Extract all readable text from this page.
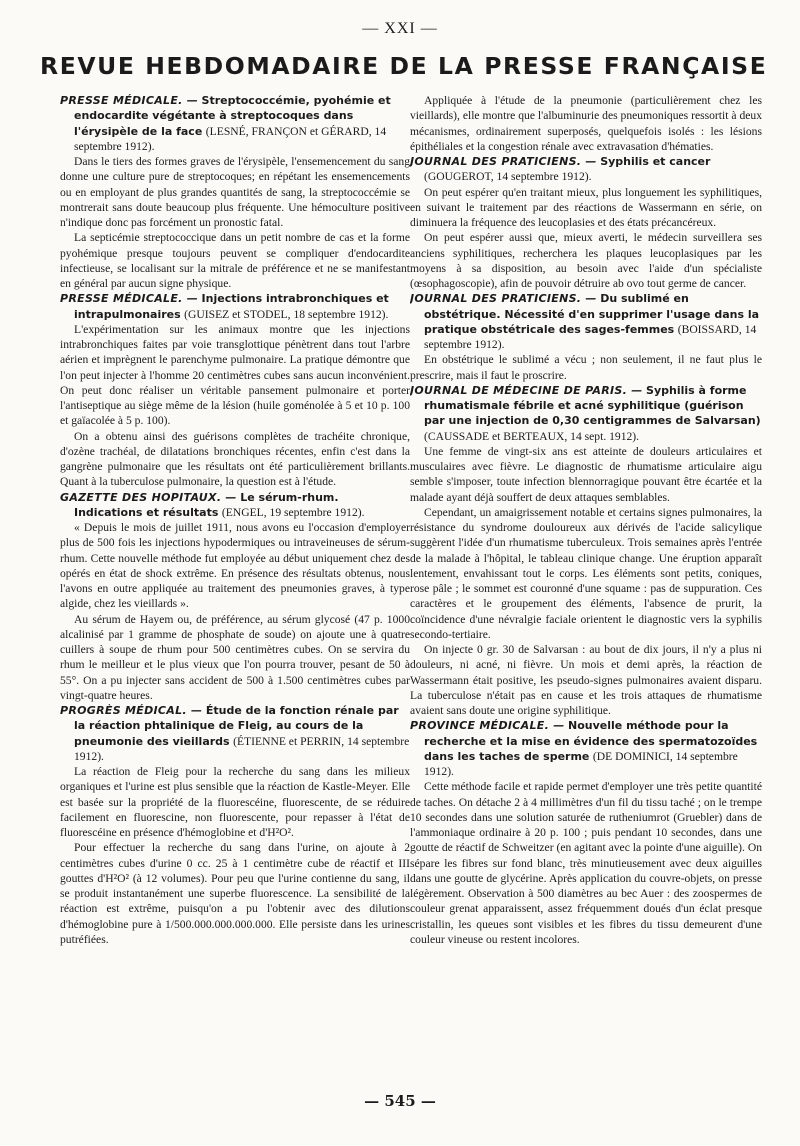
— XXI —
REVUE HEBDOMADAIRE DE LA PRESSE FRANÇAISE
PRESSE MÉDICALE. — Streptococcémie, pyohémie et endocardite végétante à streptocoques dans l'érysipèle de la face (LESNÉ, FRANÇON et GÉRARD, 14 septembre 1912).

Dans le tiers des formes graves de l'érysipèle, l'ensemencement du sang donne une culture pure de streptocoques; en répétant les ensemencements ou en employant de plus grandes quantités de sang, la streptococcémie se montrerait sans doute beaucoup plus fréquente. Une hémoculture positive n'indique donc pas forcément un pronostic fatal.

La septicémie streptococcique dans un petit nombre de cas et la forme pyohémique presque toujours peuvent se compliquer d'endocardite infectieuse, se localisant sur la mitrale de préférence et ne se manifestant en général par aucun signe physique.

PRESSE MÉDICALE. — Injections intrabronchiques et intrapulmonaires (GUISEZ et STODEL, 18 septembre 1912).

L'expérimentation sur les animaux montre que les injections intrabronchiques faites par voie transglottique pénètrent dans tout l'arbre aérien et imprègnent le parenchyme pulmonaire. La pratique démontre que l'on peut injecter à l'homme 20 centimètres cubes sans aucun inconvénient. On peut donc réaliser un véritable pansement pulmonaire et porter l'antiseptique au siège même de la lésion (huile goménolée à 5 et 10 p. 100 et gaïacolée à 5 p. 100).

On a obtenu ainsi des guérisons complètes de trachéite chronique, d'ozène trachéal, de dilatations bronchiques récentes, enfin c'est dans la gangrène pulmonaire que les résultats ont été particulièrement brillants. Quant à la tuberculose pulmonaire, la question est à l'étude.

GAZETTE DES HOPITAUX. — Le sérum-rhum. Indications et résultats (ENGEL, 19 septembre 1912).

« Depuis le mois de juillet 1911, nous avons eu l'occasion d'employer plus de 500 fois les injections hypodermiques ou intraveineuses de sérum-rhum. Cette nouvelle méthode fut employée au début uniquement chez des opérés en état de shock extrême. En présence des résultats obtenus, nous l'avons en outre appliquée au traitement des pneumonies graves, à type algide, chez les vieillards ».

Au sérum de Hayem ou, de préférence, au sérum glycosé (47 p. 1000 alcalinisé par 1 gramme de phosphate de soude) on ajoute une à quatre cuillers à soupe de rhum pour 500 centimètres cubes. On se servira du rhum le meilleur et le plus vieux que l'on pourra trouver, pesant de 50 à 55°. On a pu injecter sans accident de 500 à 1.500 centimètres cubes par vingt-quatre heures.

PROGRÈS MÉDICAL. — Étude de la fonction rénale par la réaction phtalinique de Fleig, au cours de la pneumonie des vieillards (ÉTIENNE et PERRIN, 14 septembre 1912).

La réaction de Fleig pour la recherche du sang dans les milieux organiques et l'urine est plus sensible que la réaction de Kastle-Meyer. Elle est basée sur la propriété de la fluorescéine, fluorescente, de se réduire facilement en fluorescine, non fluorescente, pour repasser à l'état de fluorescéine en présence d'hémoglobine et d'H²O².

Pour effectuer la recherche du sang dans l'urine, on ajoute à 2 centimètres cubes d'urine 0 cc. 25 à 1 centimètre cube de réactif et III gouttes d'H²O² (à 12 volumes). Pour peu que l'urine contienne du sang, il se produit instantanément une superbe fluorescence. La sensibilité de la réaction est extrême, puisqu'on a pu l'obtenir avec des dilutions d'hémoglobine pure à 1/500.000.000.000.000. Elle persiste dans les urines putréfiées.

Appliquée à l'étude de la pneumonie (particulièrement chez les vieillards), elle montre que l'albuminurie des pneumoniques ressortit à deux mécanismes, ordinairement superposés, quelquefois isolés : les lésions épithéliales et la congestion rénale avec extravasation d'hématies.

JOURNAL DES PRATICIENS. — Syphilis et cancer (GOUGEROT, 14 septembre 1912).

On peut espérer qu'en traitant mieux, plus longuement les syphilitiques, en suivant le traitement par des réactions de Wassermann en série, on diminuera la fréquence des leucoplasies et des états précancéreux.

On peut espérer aussi que, mieux averti, le médecin surveillera ses anciens syphilitiques, recherchera les plaques leucoplasiques par les moyens à sa disposition, au besoin avec l'aide d'un spécialiste (œsophagoscopie), afin de pouvoir détruire ab ovo tout germe de cancer.

JOURNAL DES PRATICIENS. — Du sublimé en obstétrique. Nécessité d'en supprimer l'usage dans la pratique obstétricale des sages-femmes (BOISSARD, 14 septembre 1912).

En obstétrique le sublimé a vécu ; non seulement, il ne faut plus le prescrire, mais il faut le proscrire.

JOURNAL DE MÉDECINE DE PARIS. — Syphilis à forme rhumatismale fébrile et acné syphilitique (guérison par une injection de 0,30 centigrammes de Salvarsan) (CAUSSADE et BERTEAUX, 14 sept. 1912).

Une femme de vingt-six ans est atteinte de douleurs articulaires et musculaires avec fièvre. Le diagnostic de rhumatisme articulaire aigu semble s'imposer, toute infection blennorragique pouvant être écartée et la malade ayant déjà souffert de deux attaques semblables.

Cependant, un amaigrissement notable et certains signes pulmonaires, la résistance du syndrome douloureux aux dérivés de l'acide salicylique suggèrent l'idée d'un rhumatisme tuberculeux. Trois semaines après l'entrée de la malade à l'hôpital, le tableau clinique change. Une éruption apparaît lentement, envahissant tout le corps. Les éléments sont petits, coniques, rose pâle ; le sommet est couronné d'une squame : pas de suppuration. Ces caractères et le groupement des éléments, l'absence de prurit, la coïncidence d'une névralgie faciale orientent le diagnostic vers la syphilis secondo-tertiaire.

On injecte 0 gr. 30 de Salvarsan : au bout de dix jours, il n'y a plus ni douleurs, ni acné, ni fièvre. Un mois et demi après, la réaction de Wassermann était positive, les pseudo-signes pulmonaires avaient disparu. La tuberculose n'était pas en cause et les trois attaques de rhumatisme avaient sans doute une origine syphilitique.

PROVINCE MÉDICALE. — Nouvelle méthode pour la recherche et la mise en évidence des spermatozoïdes dans les taches de sperme (DE DOMINICI, 14 septembre 1912).

Cette méthode facile et rapide permet d'employer une très petite quantité de taches. On détache 2 à 4 millimètres d'un fil du tissu taché ; on le trempe 10 secondes dans une solution saturée de rutheniumrot (Gruebler) dans de l'ammoniaque ordinaire à 20 p. 100 ; puis pendant 10 secondes, dans une goutte de réactif de Schweitzer (en agitant avec la pointe d'une aiguille). On sépare les fibres sur fond blanc, très minutieusement avec deux aiguilles dans une goutte de glycérine. Après application du couvre-objets, on presse légèrement. Observation à 500 diamètres au bec Auer : des zoospermes de couleur grenat apparaissent, assez fréquemment doués d'un éclat presque cristallin, les queues sont visibles et les fibres du tissu demeurent d'une couleur vineuse ou restent incolores.

— 545 —
